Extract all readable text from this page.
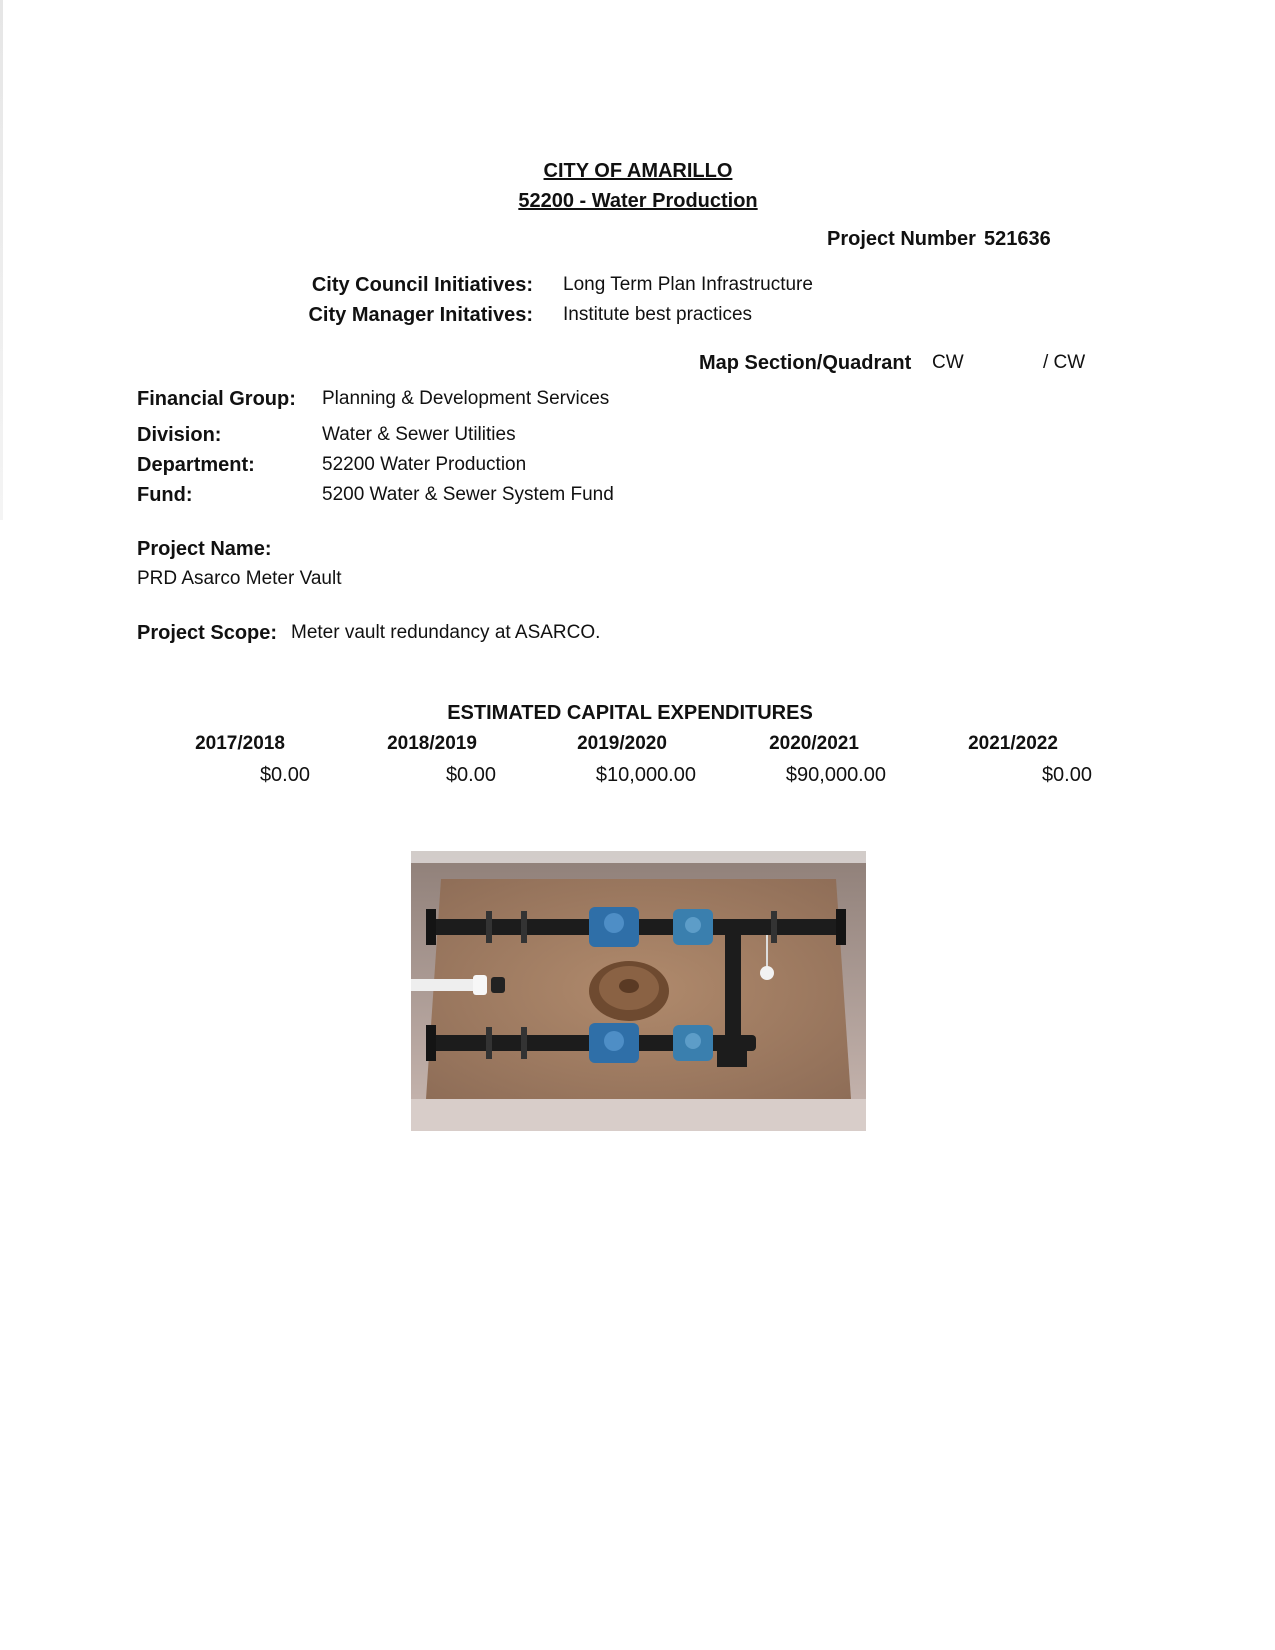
CITY OF AMARILLO
52200 - Water Production
Project Number 521636
City Council Initiatives: Long Term Plan Infrastructure
City Manager Initatives: Institute best practices
Map Section/Quadrant CW	/ CW
Financial Group: Planning & Development Services
Division:	Water & Sewer Utilities
Department:	52200 Water Production
Fund:	5200 Water & Sewer System Fund
Project Name:
PRD Asarco Meter Vault
Project Scope: Meter vault redundancy at ASARCO.
ESTIMATED CAPITAL EXPENDITURES
2017/2018	2018/2019	2019/2020	2020/2021	2021/2022
$0.00	$0.00	$10,000.00	$90,000.00	$0.00
